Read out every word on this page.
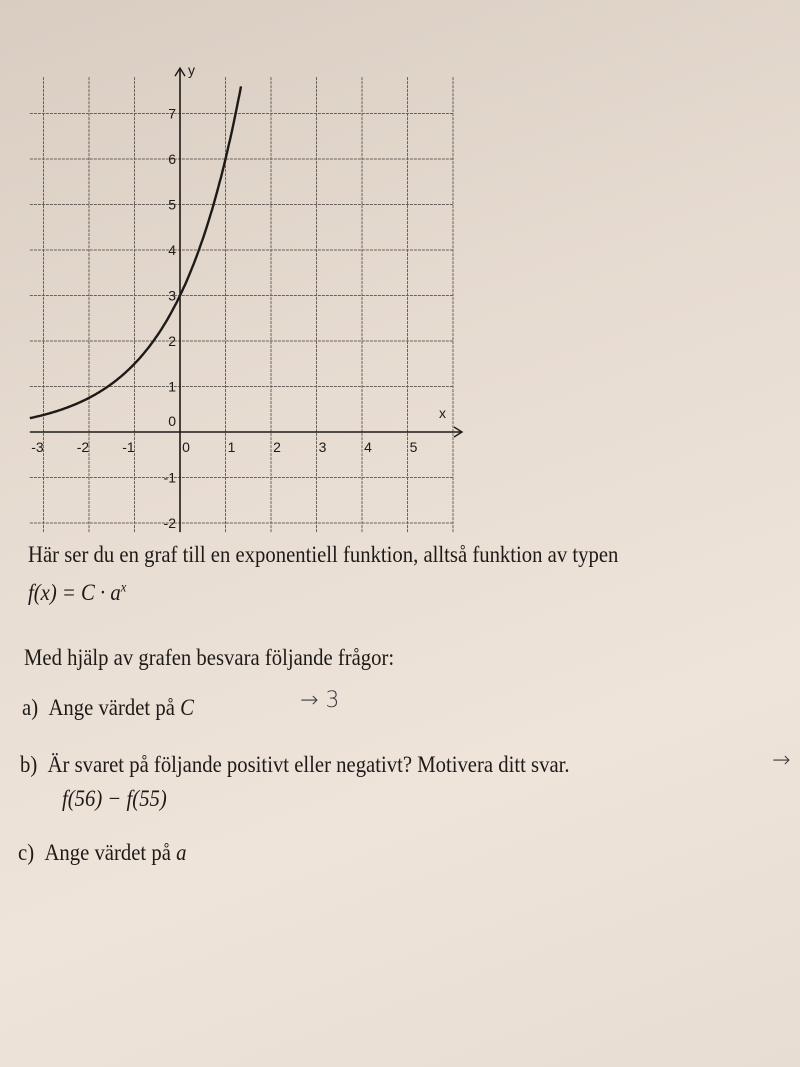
-3 -2 -1	0	1	2	3	4	5
-2
-1
1
2
3
4
5
6
7
0	x
y
Här ser du en graf till en exponentiell funktion, alltså funktion av typen
$f(x) = C \cdot a^x$
Med hjälp av grafen besvara följande frågor:
a) Ange värdet på C	→ 3
b) Är svaret på följande positivt eller negativt? Motivera ditt svar.
f(56) − f(55)
→
c) Ange värdet på a
